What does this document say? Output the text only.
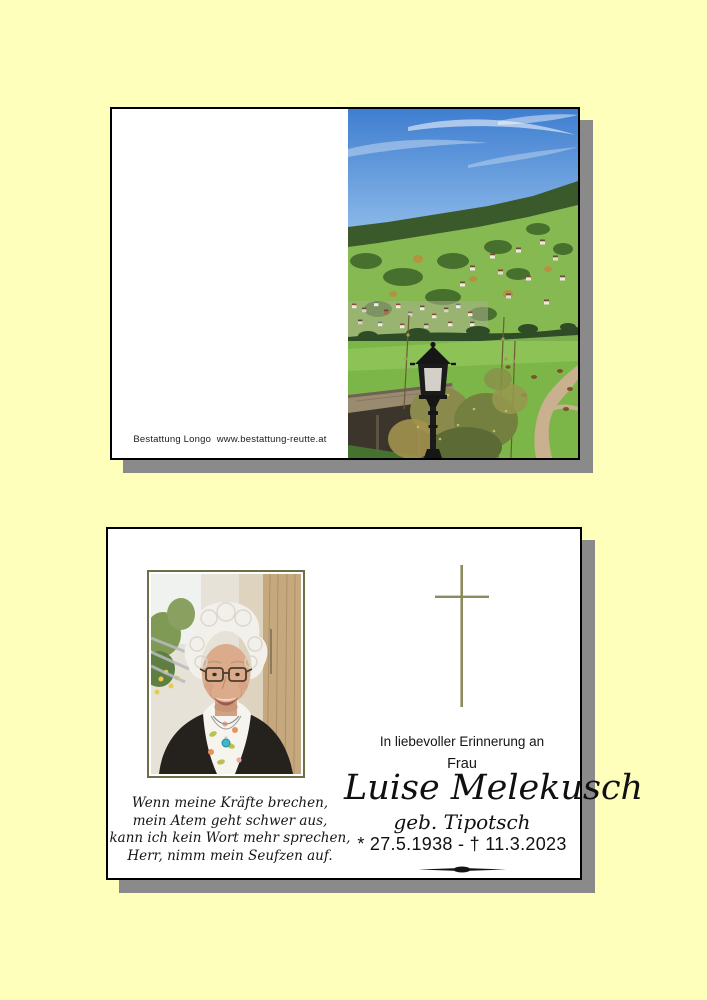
Bestattung Longo  www.bestattung-reutte.at
Wenn meine Kräfte brechen,
mein Atem geht schwer aus,
kann ich kein Wort mehr sprechen,
Herr, nimm mein Seufzen auf.
In liebevoller Erinnerung an
Frau
Luise Melekusch
geb. Tipotsch
* 27.5.1938 - † 11.3.2023
